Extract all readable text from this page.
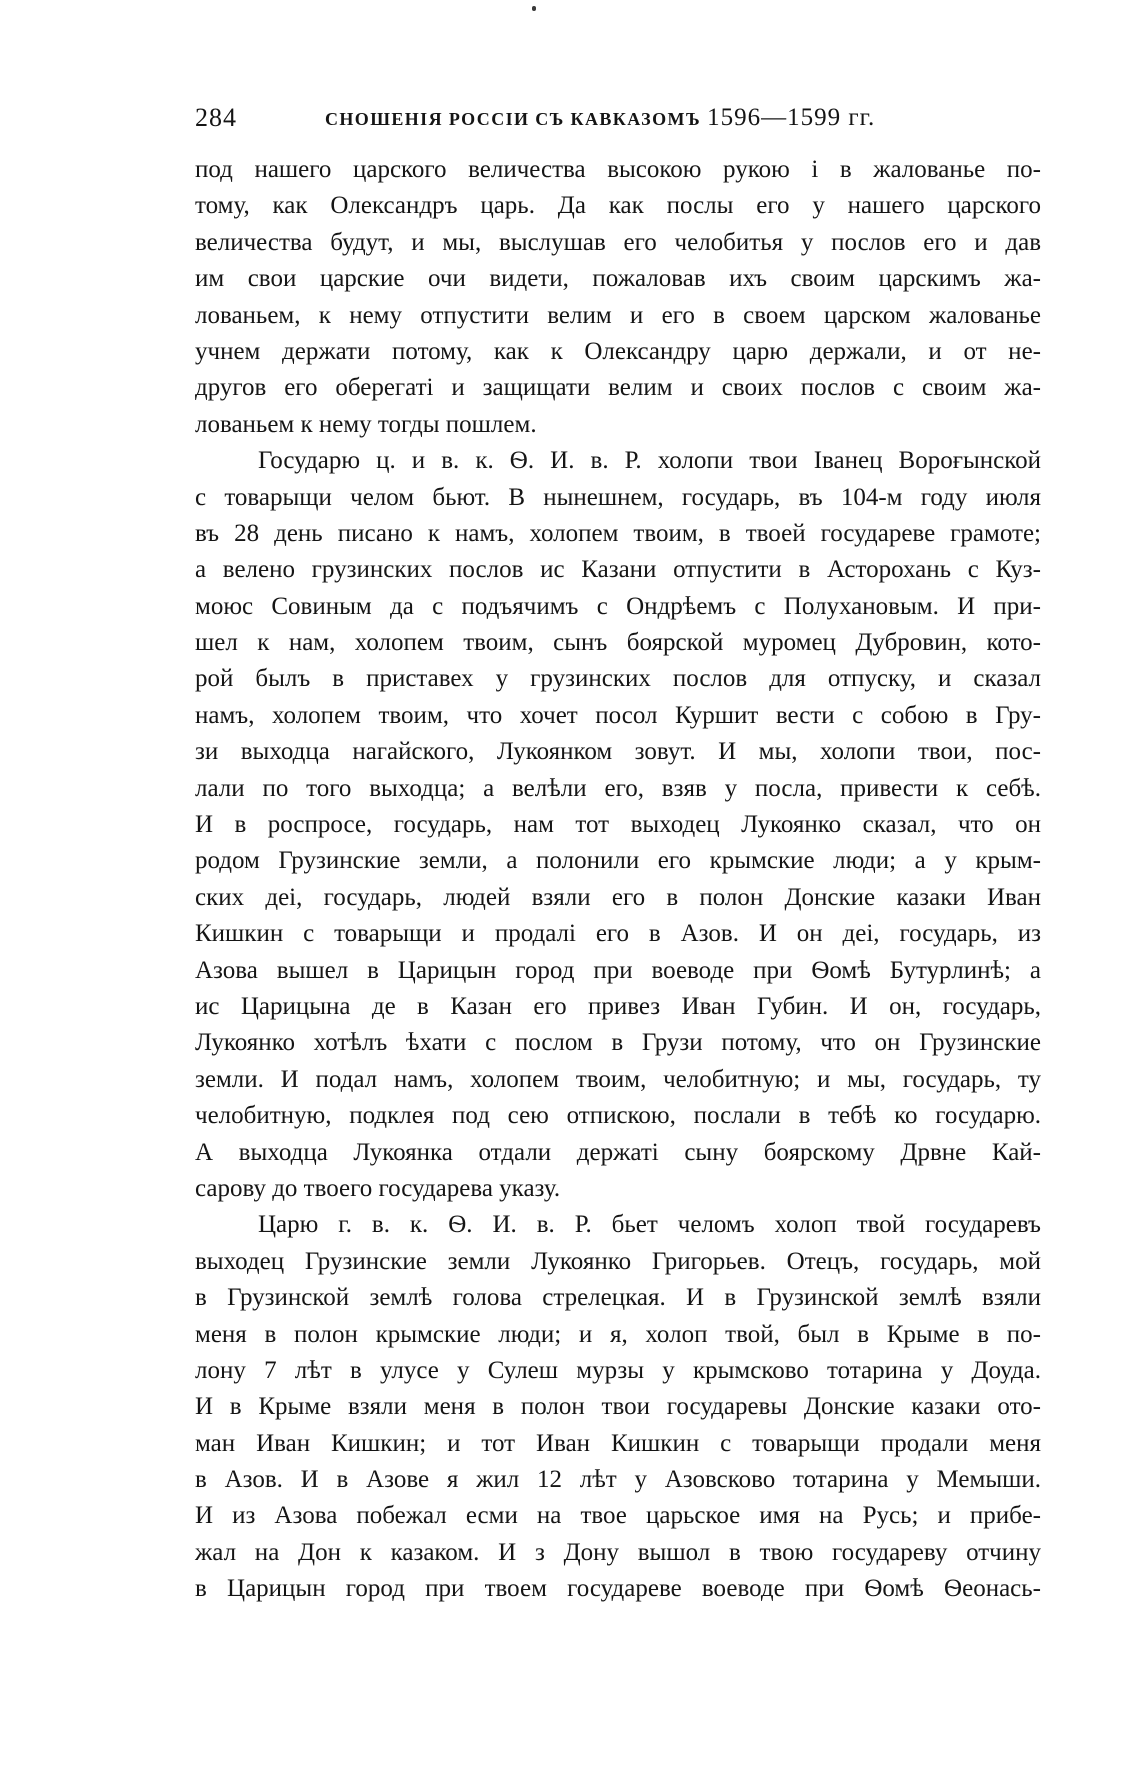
284	СНОШЕНІЯ РОССІИ СЪ КАВКАЗОМЪ 1596—1599 гг.
под нашего царского величества высокою рукою і в жалованье по-
тому, как Олександръ царь. Да как послы его у нашего царского
величества будут, и мы, выслушав его челобитья у послов его и дав
им свои царские очи видети, пожаловав ихъ своим царскимъ жа-
лованьем, к нему отпустити велим и его в своем царском жалованье
учнем держати потому, как к Олександру царю держали, и от не-
другов его оберегаті и защищати велим и своих послов с своим жа-
лованьем к нему тогды пошлем.
Государю ц. и в. к. Ѳ. И. в. Р. холопи твои Іванец Вороғынской
с товарыщи челом бьют. В нынешнем, государь, въ 104-м году июля
въ 28 день писано к намъ, холопем твоим, в твоей государеве грамоте;
а велено грузинских послов ис Казани отпустити в Асторохань с Куз-
моюс Совиным да с подъячимъ с Ондрѣемъ с Полухановым. И при-
шел к нам, холопем твоим, сынъ боярской муромец Дубровин, кото-
рой былъ в приставех у грузинских послов для отпуску, и сказал
намъ, холопем твоим, что хочет посол Куршит вести с собою в Гру-
зи выходца нагайского, Лукоянком зовут. И мы, холопи твои, пос-
лали по того выходца; а велѣли его, взяв у посла, привести к себѣ.
И в роспросе, государь, нам тот выходец Лукоянко сказал, что он
родом Грузинские земли, а полонили его крымские люди; а у крым-
ских деі, государь, людей взяли его в полон Донские казаки Иван
Кишкин с товарыщи и продалі его в Азов. И он деі, государь, из
Азова вышел в Царицын город при воеводе при Ѳомѣ Бутурлинѣ; а
ис Царицына де в Казан его привез Иван Губин. И он, государь,
Лукоянко хотѣлъ ѣхати с послом в Грузи потому, что он Грузинские
земли. И подал намъ, холопем твоим, челобитную; и мы, государь, ту
челобитную, подклея под сею отпискою, послали в тебѣ ко государю.
А выходца Лукоянка отдали держаті сыну боярскому Дрвне Кай-
сарову до твоего государева указу.
Царю г. в. к. Ѳ. И. в. Р. бьет челомъ холоп твой государевъ
выходец Грузинские земли Лукоянко Григорьев. Отецъ, государь, мой
в Грузинской землѣ голова стрелецкая. И в Грузинской землѣ взяли
меня в полон крымские люди; и я, холоп твой, был в Крыме в по-
лону 7 лѣт в улусе у Сулеш мурзы у крымсково тотарина у Доуда.
И в Крыме взяли меня в полон твои государевы Донские казаки ото-
ман Иван Кишкин; и тот Иван Кишкин с товарыщи продали меня
в Азов. И в Азове я жил 12 лѣт у Азовсково тотарина у Мемыши.
И из Азова побежал есми на твое царьское имя на Русь; и прибе-
жал на Дон к казаком. И з Дону вышол в твою государеву отчину
в Царицын город при твоем государеве воеводе при Ѳомѣ Ѳеонась-
